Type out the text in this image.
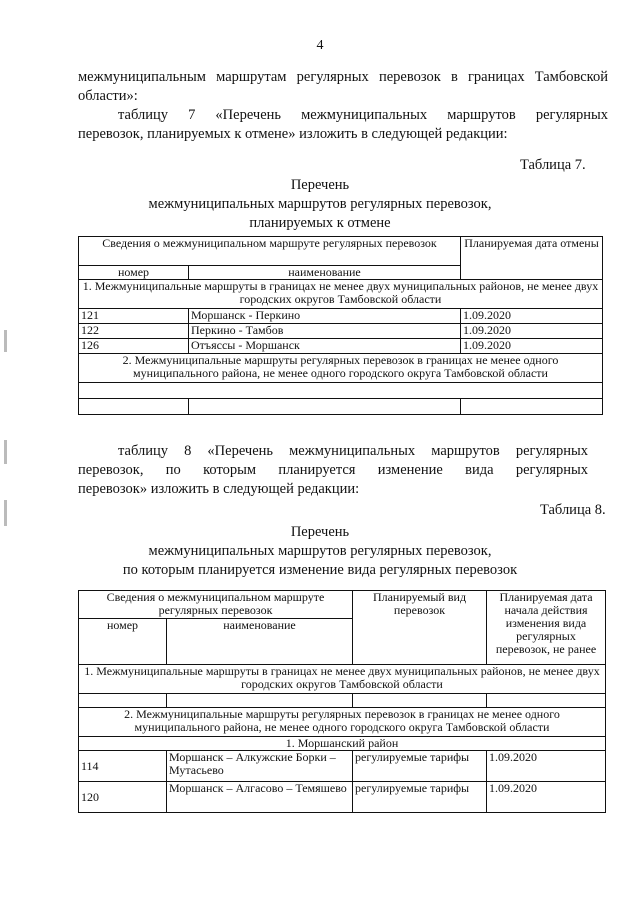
4
межмуниципальным маршрутам регулярных перевозок в границах Тамбовской
области»:
таблицу 7 «Перечень межмуниципальных маршрутов регулярных
перевозок, планируемых к отмене» изложить в следующей редакции:
Таблица 7.
Перечень
межмуниципальных маршрутов регулярных перевозок,
планируемых к отмене
Сведения о межмуниципальном маршруте регулярных перевозок		Планируемая дата отмены
номер	наименование	
1. Межмуниципальные маршруты в границах не менее двух муниципальных районов, не менее двух городских округов Тамбовской области		
121	Моршанск - Перкино	1.09.2020
122	Перкино - Тамбов	1.09.2020
126	Отъяссы - Моршанск	1.09.2020
2. Межмуниципальные маршруты регулярных перевозок в границах не менее одного муниципального района, не менее одного городского округа Тамбовской области		

таблицу 8 «Перечень межмуниципальных маршрутов регулярных
перевозок, по которым планируется изменение вида регулярных
перевозок» изложить в следующей редакции:
Таблица 8.
Перечень
межмуниципальных маршрутов регулярных перевозок,
по которым планируется изменение вида регулярных перевозок
Сведения о межмуниципальном маршруте регулярных перевозок		Планируемый вид перевозок	Планируемая дата начала действия изменения вида регулярных перевозок, не ранее
номер	наименование		
1. Межмуниципальные маршруты в границах не менее двух муниципальных районов, не менее двух городских округов Тамбовской области			

2. Межмуниципальные маршруты регулярных перевозок в границах не менее одного муниципального района, не менее одного городского округа Тамбовской области			
1. Моршанский район			
114	Моршанск – Алкужские Борки – Мутасьево	регулируемые тарифы	1.09.2020
120	Моршанск – Алгасово – Темяшево	регулируемые тарифы	1.09.2020
